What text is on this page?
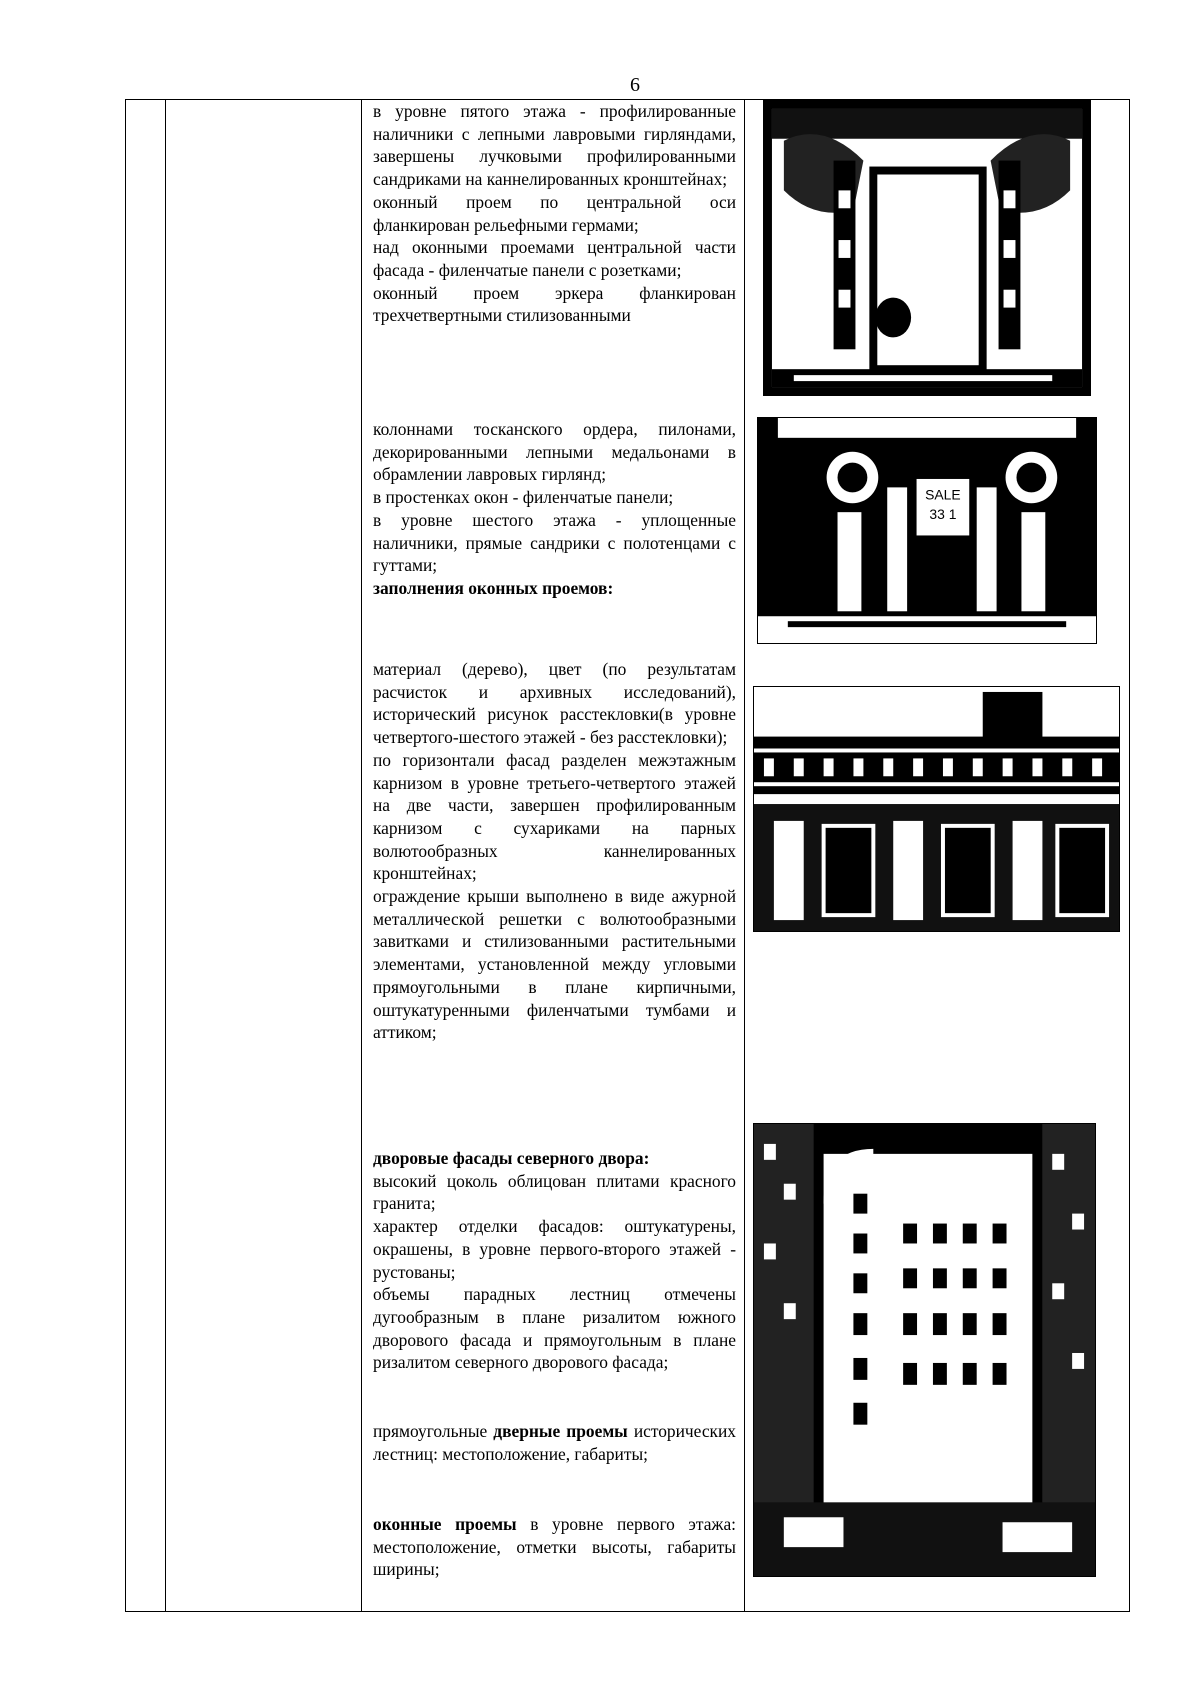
6

в уровне пятого этажа - профилированные наличники с лепными лавровыми гирляндами, завершены лучковыми профилированными сандриками на каннелированных кронштейнах;

оконный проем по центральной оси фланкирован рельефными гермами;

над оконными проемами центральной части фасада - филенчатые панели с розетками;

оконный проем эркера фланкирован трехчетвертными стилизованными

колоннами тосканского ордера, пилонами, декорированными лепными медальонами в обрамлении лавровых гирлянд;

в простенках окон - филенчатые панели;

в уровне шестого этажа - уплощенные наличники, прямые сандрики с полотенцами с гуттами;

заполнения оконных проемов:

материал (дерево), цвет (по результатам расчисток и архивных исследований), исторический рисунок расстекловки(в уровне четвертого-шестого этажей - без расстекловки);

по горизонтали фасад разделен межэтажным карнизом в уровне третьего-четвертого этажей на две части, завершен профилированным карнизом с сухариками на парных волютообразных каннелированных кронштейнах;

ограждение крыши выполнено в виде ажурной металлической решетки с волютообразными завитками и стилизованными растительными элементами, установленной между угловыми прямоугольными в плане кирпичными, оштукатуренными филенчатыми тумбами и аттиком;

дворовые фасады северного двора:

высокий цоколь облицован плитами красного гранита;

характер отделки фасадов: оштукатурены, окрашены, в уровне первого-второго этажей - рустованы;

объемы парадных лестниц отмечены дугообразным в плане ризалитом южного дворового фасада и прямоугольным в плане ризалитом северного дворового фасада;

прямоугольные дверные проемы исторических лестниц: местоположение, габариты;

оконные проемы в уровне первого этажа: местоположение, отметки высоты, габариты ширины;

SALE
33 1
